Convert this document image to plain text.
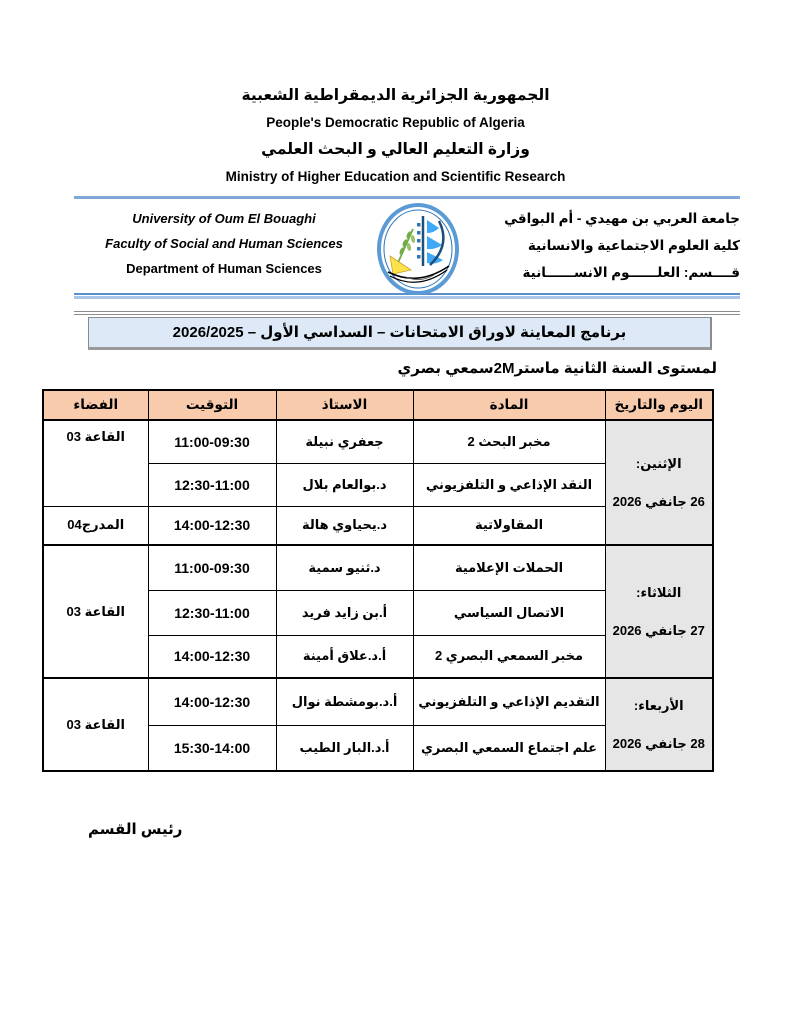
الجمهورية الجزائرية الديمقراطية الشعبية
People's Democratic Republic of Algeria
وزارة التعليم العالي و البحث العلمي
Ministry of Higher Education and Scientific Research
University of Oum El Bouaghi
Faculty of Social and Human Sciences
Department of Human Sciences
جامعة العربي بن مهيدي - أم البواقي
كلية العلوم الاجتماعية والانسانية
قــــسم: العلــــــوم الانســــــانية
برنامج المعاينة لاوراق الامتحانات – السداسي الأول – 2026/2025
لمستوى السنة الثانية ماستر2Mسمعي بصري
اليوم والتاريخ	المادة	الاستاذ	التوقيت	الفضاء

الإثنين:
26 جانفي 2026	مخبر البحث 2	جعفري نبيلة	11:00-09:30	القاعة 03
	النقد الإذاعي و التلفزيوني	د.بوالعام بلال	12:30-11:00	
	المقاولاتية	د.يحياوي هالة	14:00-12:30	المدرج04

الثلاثاء:
27 جانفي 2026	الحملات الإعلامية	د.ثنيو سمية	11:00-09:30	القاعة 03
	الاتصال السياسي	أ.بن زايد فريد	12:30-11:00	
	مخبر السمعي البصري 2	أ.د.علاق أمينة	14:00-12:30	

الأربعاء:
28 جانفي 2026	التقديم الإذاعي و التلفزيوني	أ.د.بومشطة نوال	14:00-12:30	القاعة 03
	علم اجتماع السمعي البصري	أ.د.البار الطيب	15:30-14:00	
رئيس القسم
